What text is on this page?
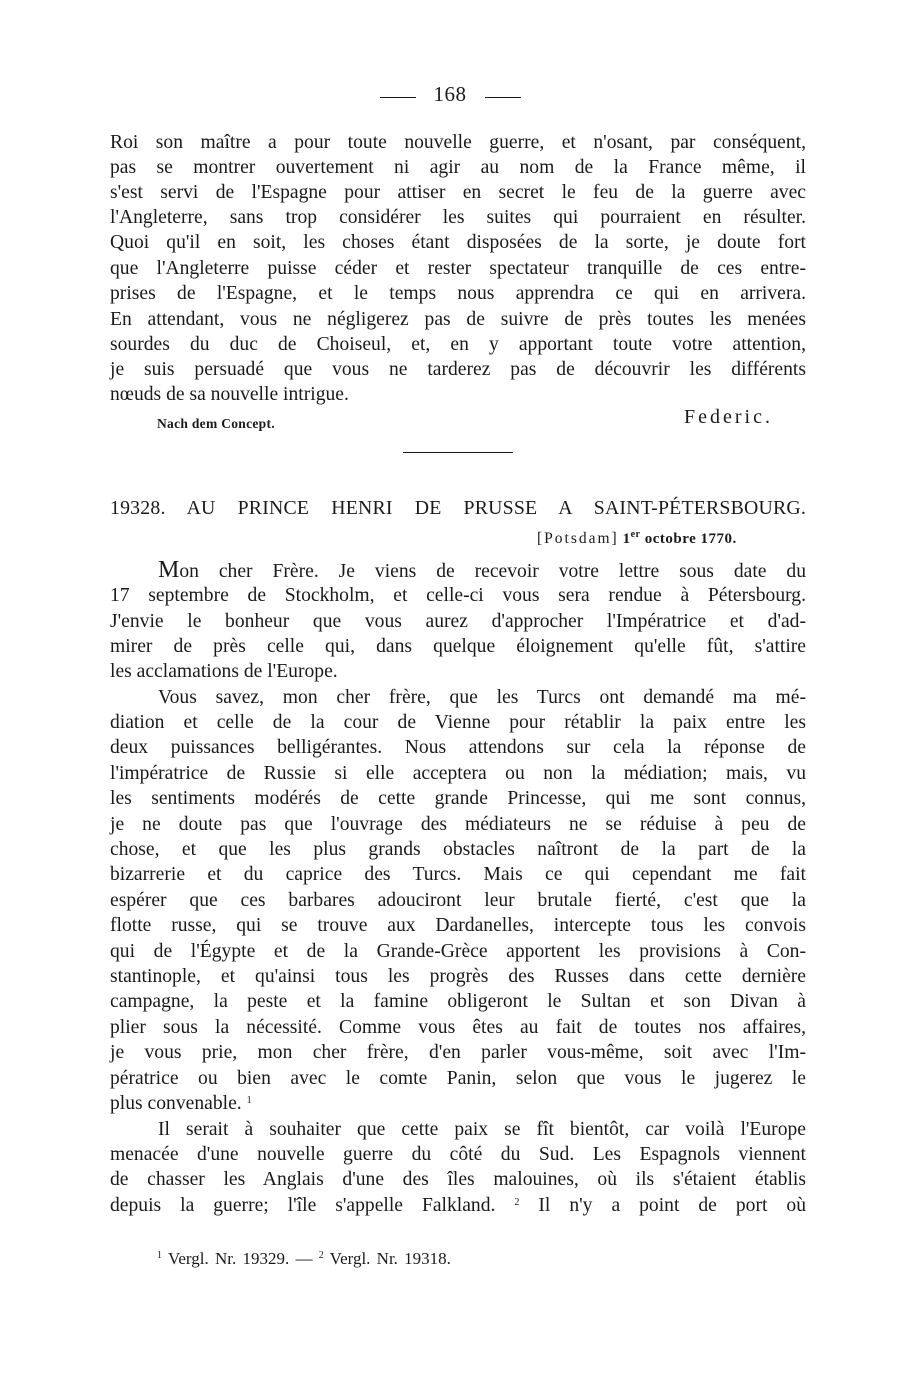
168
Roi son maître a pour toute nouvelle guerre, et n'osant, par conséquent,
pas se montrer ouvertement ni agir au nom de la France même, il
s'est servi de l'Espagne pour attiser en secret le feu de la guerre avec
l'Angleterre, sans trop considérer les suites qui pourraient en résulter.
Quoi qu'il en soit, les choses étant disposées de la sorte, je doute fort
que l'Angleterre puisse céder et rester spectateur tranquille de ces entre-
prises de l'Espagne, et le temps nous apprendra ce qui en arrivera.
En attendant, vous ne négligerez pas de suivre de près toutes les menées
sourdes du duc de Choiseul, et, en y apportant toute votre attention,
je suis persuadé que vous ne tarderez pas de découvrir les différents
nœuds de sa nouvelle intrigue.
Nach dem Concept.	Federic.
19328. AU PRINCE HENRI DE PRUSSE A SAINT-PÉTERSBOURG.
[Potsdam] 1er octobre 1770.
Mon cher Frère. Je viens de recevoir votre lettre sous date du
17 septembre de Stockholm, et celle-ci vous sera rendue à Pétersbourg.
J'envie le bonheur que vous aurez d'approcher l'Impératrice et d'ad-
mirer de près celle qui, dans quelque éloignement qu'elle fût, s'attire
les acclamations de l'Europe.
Vous savez, mon cher frère, que les Turcs ont demandé ma mé-
diation et celle de la cour de Vienne pour rétablir la paix entre les
deux puissances belligérantes. Nous attendons sur cela la réponse de
l'impératrice de Russie si elle acceptera ou non la médiation; mais, vu
les sentiments modérés de cette grande Princesse, qui me sont connus,
je ne doute pas que l'ouvrage des médiateurs ne se réduise à peu de
chose, et que les plus grands obstacles naîtront de la part de la
bizarrerie et du caprice des Turcs. Mais ce qui cependant me fait
espérer que ces barbares adouciront leur brutale fierté, c'est que la
flotte russe, qui se trouve aux Dardanelles, intercepte tous les convois
qui de l'Égypte et de la Grande-Grèce apportent les provisions à Con-
stantinople, et qu'ainsi tous les progrès des Russes dans cette dernière
campagne, la peste et la famine obligeront le Sultan et son Divan à
plier sous la nécessité. Comme vous êtes au fait de toutes nos affaires,
je vous prie, mon cher frère, d'en parler vous-même, soit avec l'Im-
pératrice ou bien avec le comte Panin, selon que vous le jugerez le
plus convenable. $^1$
Il serait à souhaiter que cette paix se fît bientôt, car voilà l'Europe
menacée d'une nouvelle guerre du côté du Sud. Les Espagnols viennent
de chasser les Anglais d'une des îles malouines, où ils s'étaient établis
depuis la guerre; l'île s'appelle Falkland. $^2$ Il n'y a point de port où
$^1$ Vergl. Nr. 19329. — $^2$ Vergl. Nr. 19318.
